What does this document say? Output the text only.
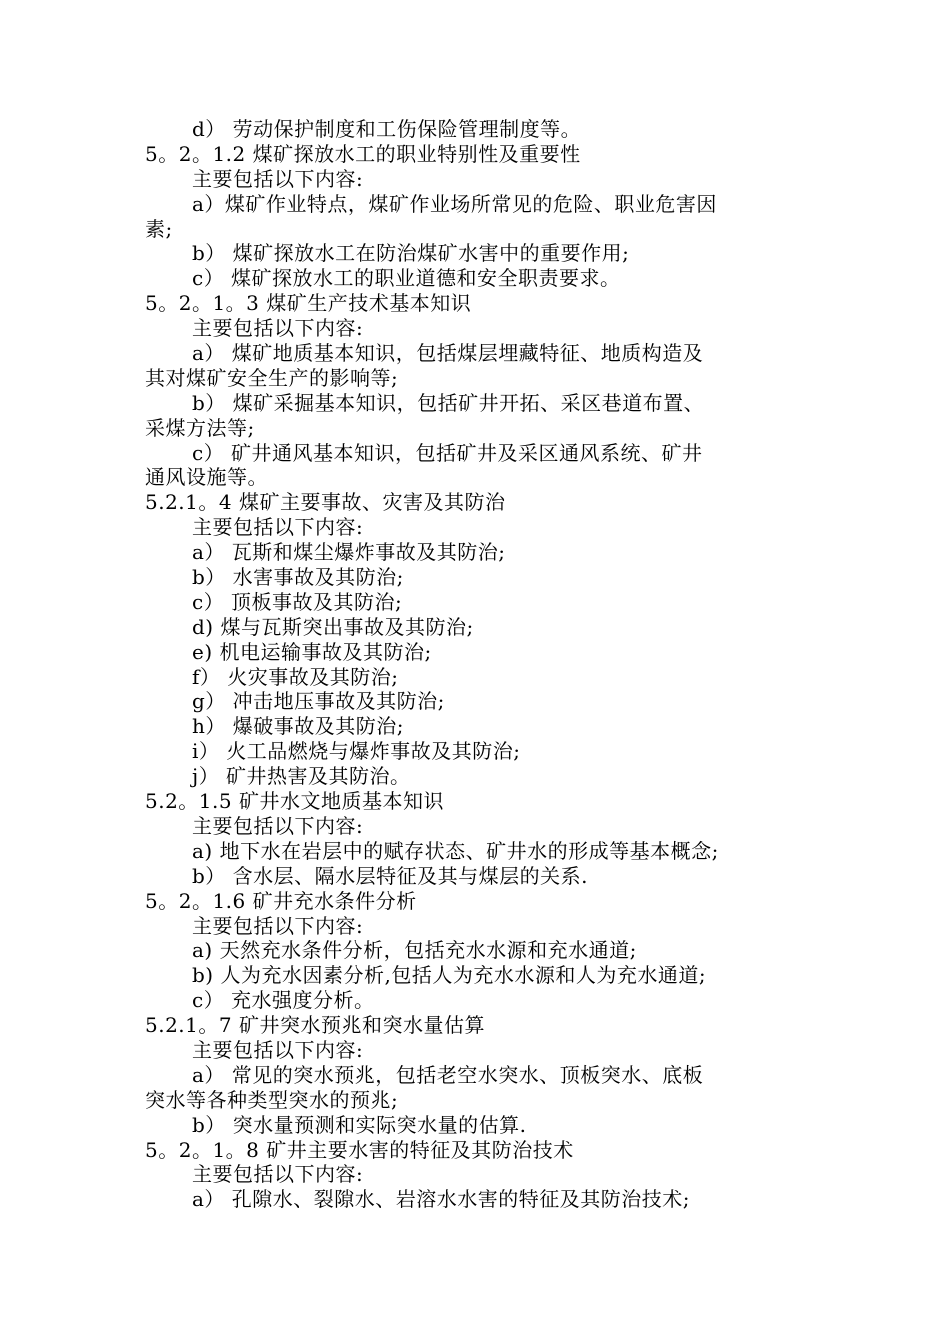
d） 劳动保护制度和工伤保险管理制度等。
5。2。1.2 煤矿探放水工的职业特别性及重要性
主要包括以下内容:
a）煤矿作业特点，煤矿作业场所常见的危险、职业危害因
素;
b） 煤矿探放水工在防治煤矿水害中的重要作用;
c） 煤矿探放水工的职业道德和安全职责要求。
5。2。1。3 煤矿生产技术基本知识
主要包括以下内容:
a） 煤矿地质基本知识，包括煤层埋藏特征、地质构造及
其对煤矿安全生产的影响等;
b） 煤矿采掘基本知识，包括矿井开拓、采区巷道布置、
采煤方法等;
c） 矿井通风基本知识，包括矿井及采区通风系统、矿井
通风设施等。
5.2.1。4 煤矿主要事故、灾害及其防治
主要包括以下内容:
a） 瓦斯和煤尘爆炸事故及其防治;
b） 水害事故及其防治;
c） 顶板事故及其防治;
d) 煤与瓦斯突出事故及其防治;
e) 机电运输事故及其防治;
f） 火灾事故及其防治;
g） 冲击地压事故及其防治;
h） 爆破事故及其防治;
i） 火工品燃烧与爆炸事故及其防治;
j） 矿井热害及其防治。
5.2。1.5 矿井水文地质基本知识
主要包括以下内容:
a) 地下水在岩层中的赋存状态、矿井水的形成等基本概念;
b） 含水层、隔水层特征及其与煤层的关系.
5。2。1.6 矿井充水条件分析
主要包括以下内容:
a) 天然充水条件分析，包括充水水源和充水通道;
b) 人为充水因素分析,包括人为充水水源和人为充水通道;
c） 充水强度分析。
5.2.1。7 矿井突水预兆和突水量估算
主要包括以下内容:
a） 常见的突水预兆，包括老空水突水、顶板突水、底板
突水等各种类型突水的预兆;
b） 突水量预测和实际突水量的估算.
5。2。1。8 矿井主要水害的特征及其防治技术
主要包括以下内容:
a） 孔隙水、裂隙水、岩溶水水害的特征及其防治技术;
